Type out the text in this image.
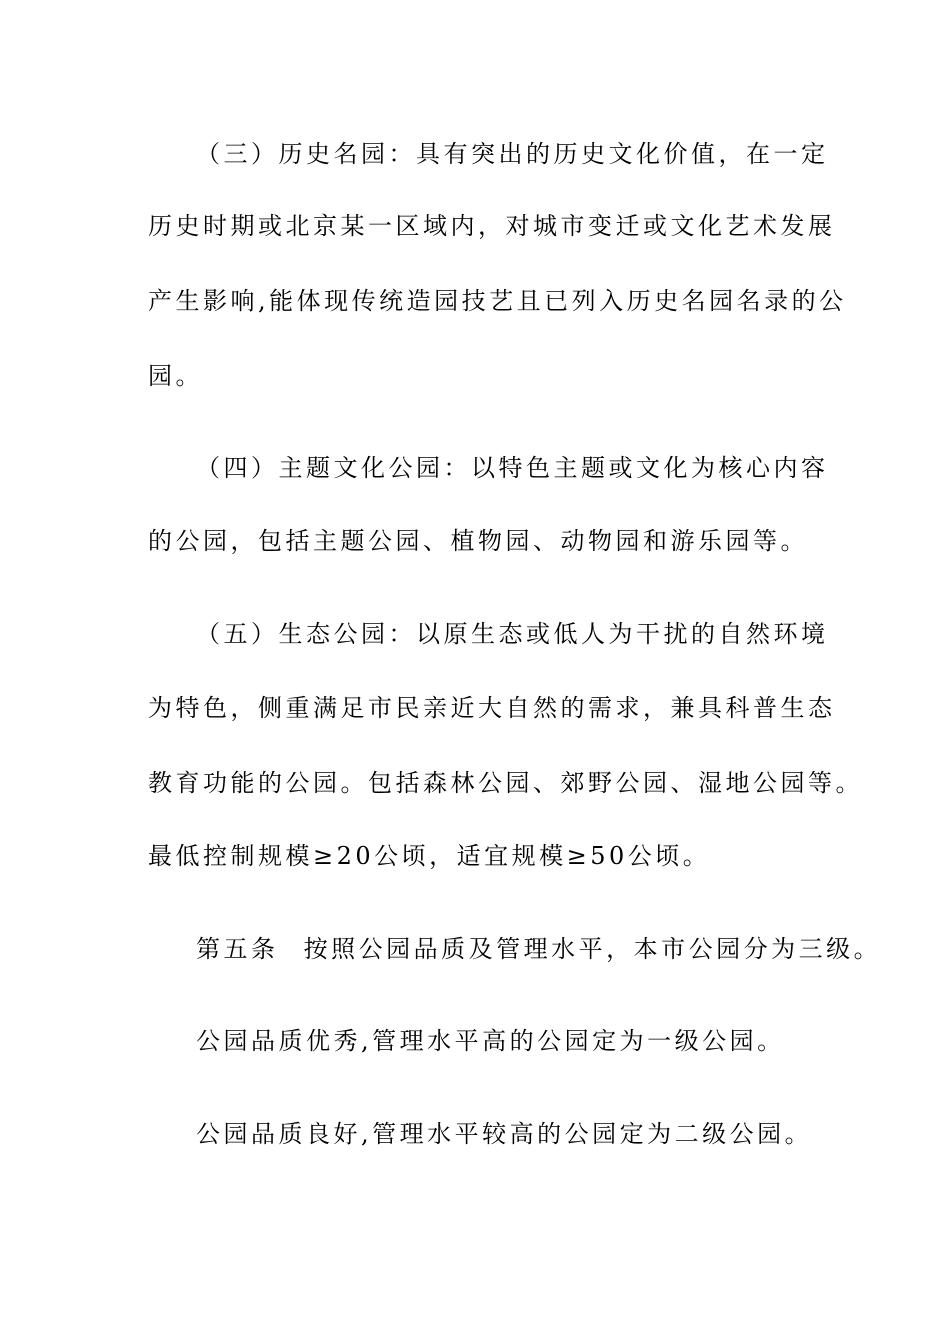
（三）历史名园：具有突出的历史文化价值，在一定
历史时期或北京某一区域内，对城市变迁或文化艺术发展
产生影响,能体现传统造园技艺且已列入历史名园名录的公
园。
（四）主题文化公园：以特色主题或文化为核心内容
的公园，包括主题公园、植物园、动物园和游乐园等。
（五）生态公园：以原生态或低人为干扰的自然环境
为特色，侧重满足市民亲近大自然的需求，兼具科普生态
教育功能的公园。包括森林公园、郊野公园、湿地公园等。
最低控制规模≥20公顷，适宜规模≥50公顷。
第五条 按照公园品质及管理水平，本市公园分为三级。
公园品质优秀,管理水平高的公园定为一级公园。
公园品质良好,管理水平较高的公园定为二级公园。
